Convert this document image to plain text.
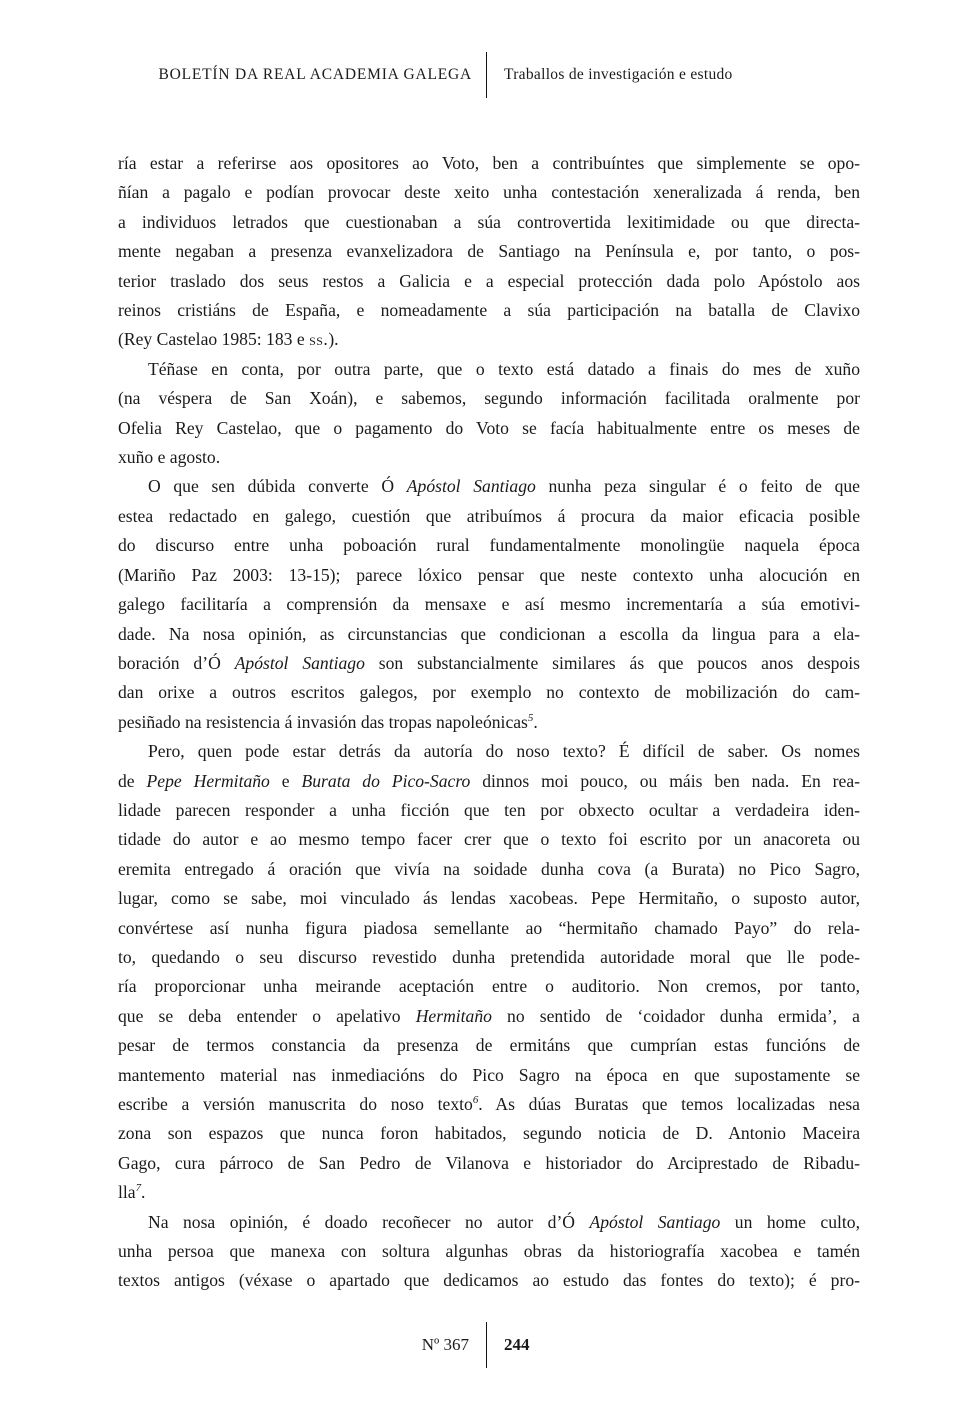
BOLETÍN DA REAL ACADEMIA GALEGA	Traballos de investigación e estudo
ría estar a referirse aos opositores ao Voto, ben a contribuíntes que simplemente se opo-
ñían a pagalo e podían provocar deste xeito unha contestación xeneralizada á renda, ben
a individuos letrados que cuestionaban a súa controvertida lexitimidade ou que directa-
mente negaban a presenza evanxelizadora de Santiago na Península e, por tanto, o pos-
terior traslado dos seus restos a Galicia e a especial protección dada polo Apóstolo aos
reinos cristiáns de España, e nomeadamente a súa participación na batalla de Clavixo
(Rey Castelao 1985: 183 e ss.).
Téñase en conta, por outra parte, que o texto está datado a finais do mes de xuño
(na véspera de San Xoán), e sabemos, segundo información facilitada oralmente por
Ofelia Rey Castelao, que o pagamento do Voto se facía habitualmente entre os meses de
xuño e agosto.
O que sen dúbida converte Ó Apóstol Santiago nunha peza singular é o feito de que
estea redactado en galego, cuestión que atribuímos á procura da maior eficacia posible
do discurso entre unha poboación rural fundamentalmente monolingüe naquela época
(Mariño Paz 2003: 13-15); parece lóxico pensar que neste contexto unha alocución en
galego facilitaría a comprensión da mensaxe e así mesmo incrementaría a súa emotivi-
dade. Na nosa opinión, as circunstancias que condicionan a escolla da lingua para a ela-
boración d’Ó Apóstol Santiago son substancialmente similares ás que poucos anos despois
dan orixe a outros escritos galegos, por exemplo no contexto de mobilización do cam-
pesiñado na resistencia á invasión das tropas napoleónicas$^5$.
Pero, quen pode estar detrás da autoría do noso texto? É difícil de saber. Os nomes
de Pepe Hermitaño e Burata do Pico-Sacro dinnos moi pouco, ou máis ben nada. En rea-
lidade parecen responder a unha ficción que ten por obxecto ocultar a verdadeira iden-
tidade do autor e ao mesmo tempo facer crer que o texto foi escrito por un anacoreta ou
eremita entregado á oración que vivía na soidade dunha cova (a Burata) no Pico Sagro,
lugar, como se sabe, moi vinculado ás lendas xacobeas. Pepe Hermitaño, o suposto autor,
convértese así nunha figura piadosa semellante ao “hermitaño chamado Payo” do rela-
to, quedando o seu discurso revestido dunha pretendida autoridade moral que lle pode-
ría proporcionar unha meirande aceptación entre o auditorio. Non cremos, por tanto,
que se deba entender o apelativo Hermitaño no sentido de ‘coidador dunha ermida’, a
pesar de termos constancia da presenza de ermitáns que cumprían estas funcións de
mantemento material nas inmediacións do Pico Sagro na época en que supostamente se
escribe a versión manuscrita do noso texto$^6$. As dúas Buratas que temos localizadas nesa
zona son espazos que nunca foron habitados, segundo noticia de D. Antonio Maceira
Gago, cura párroco de San Pedro de Vilanova e historiador do Arciprestado de Ribadu-
lla$^7$.
Na nosa opinión, é doado recoñecer no autor d’Ó Apóstol Santiago un home culto,
unha persoa que manexa con soltura algunhas obras da historiografía xacobea e tamén
textos antigos (véxase o apartado que dedicamos ao estudo das fontes do texto); é pro-
Nº 367	244
